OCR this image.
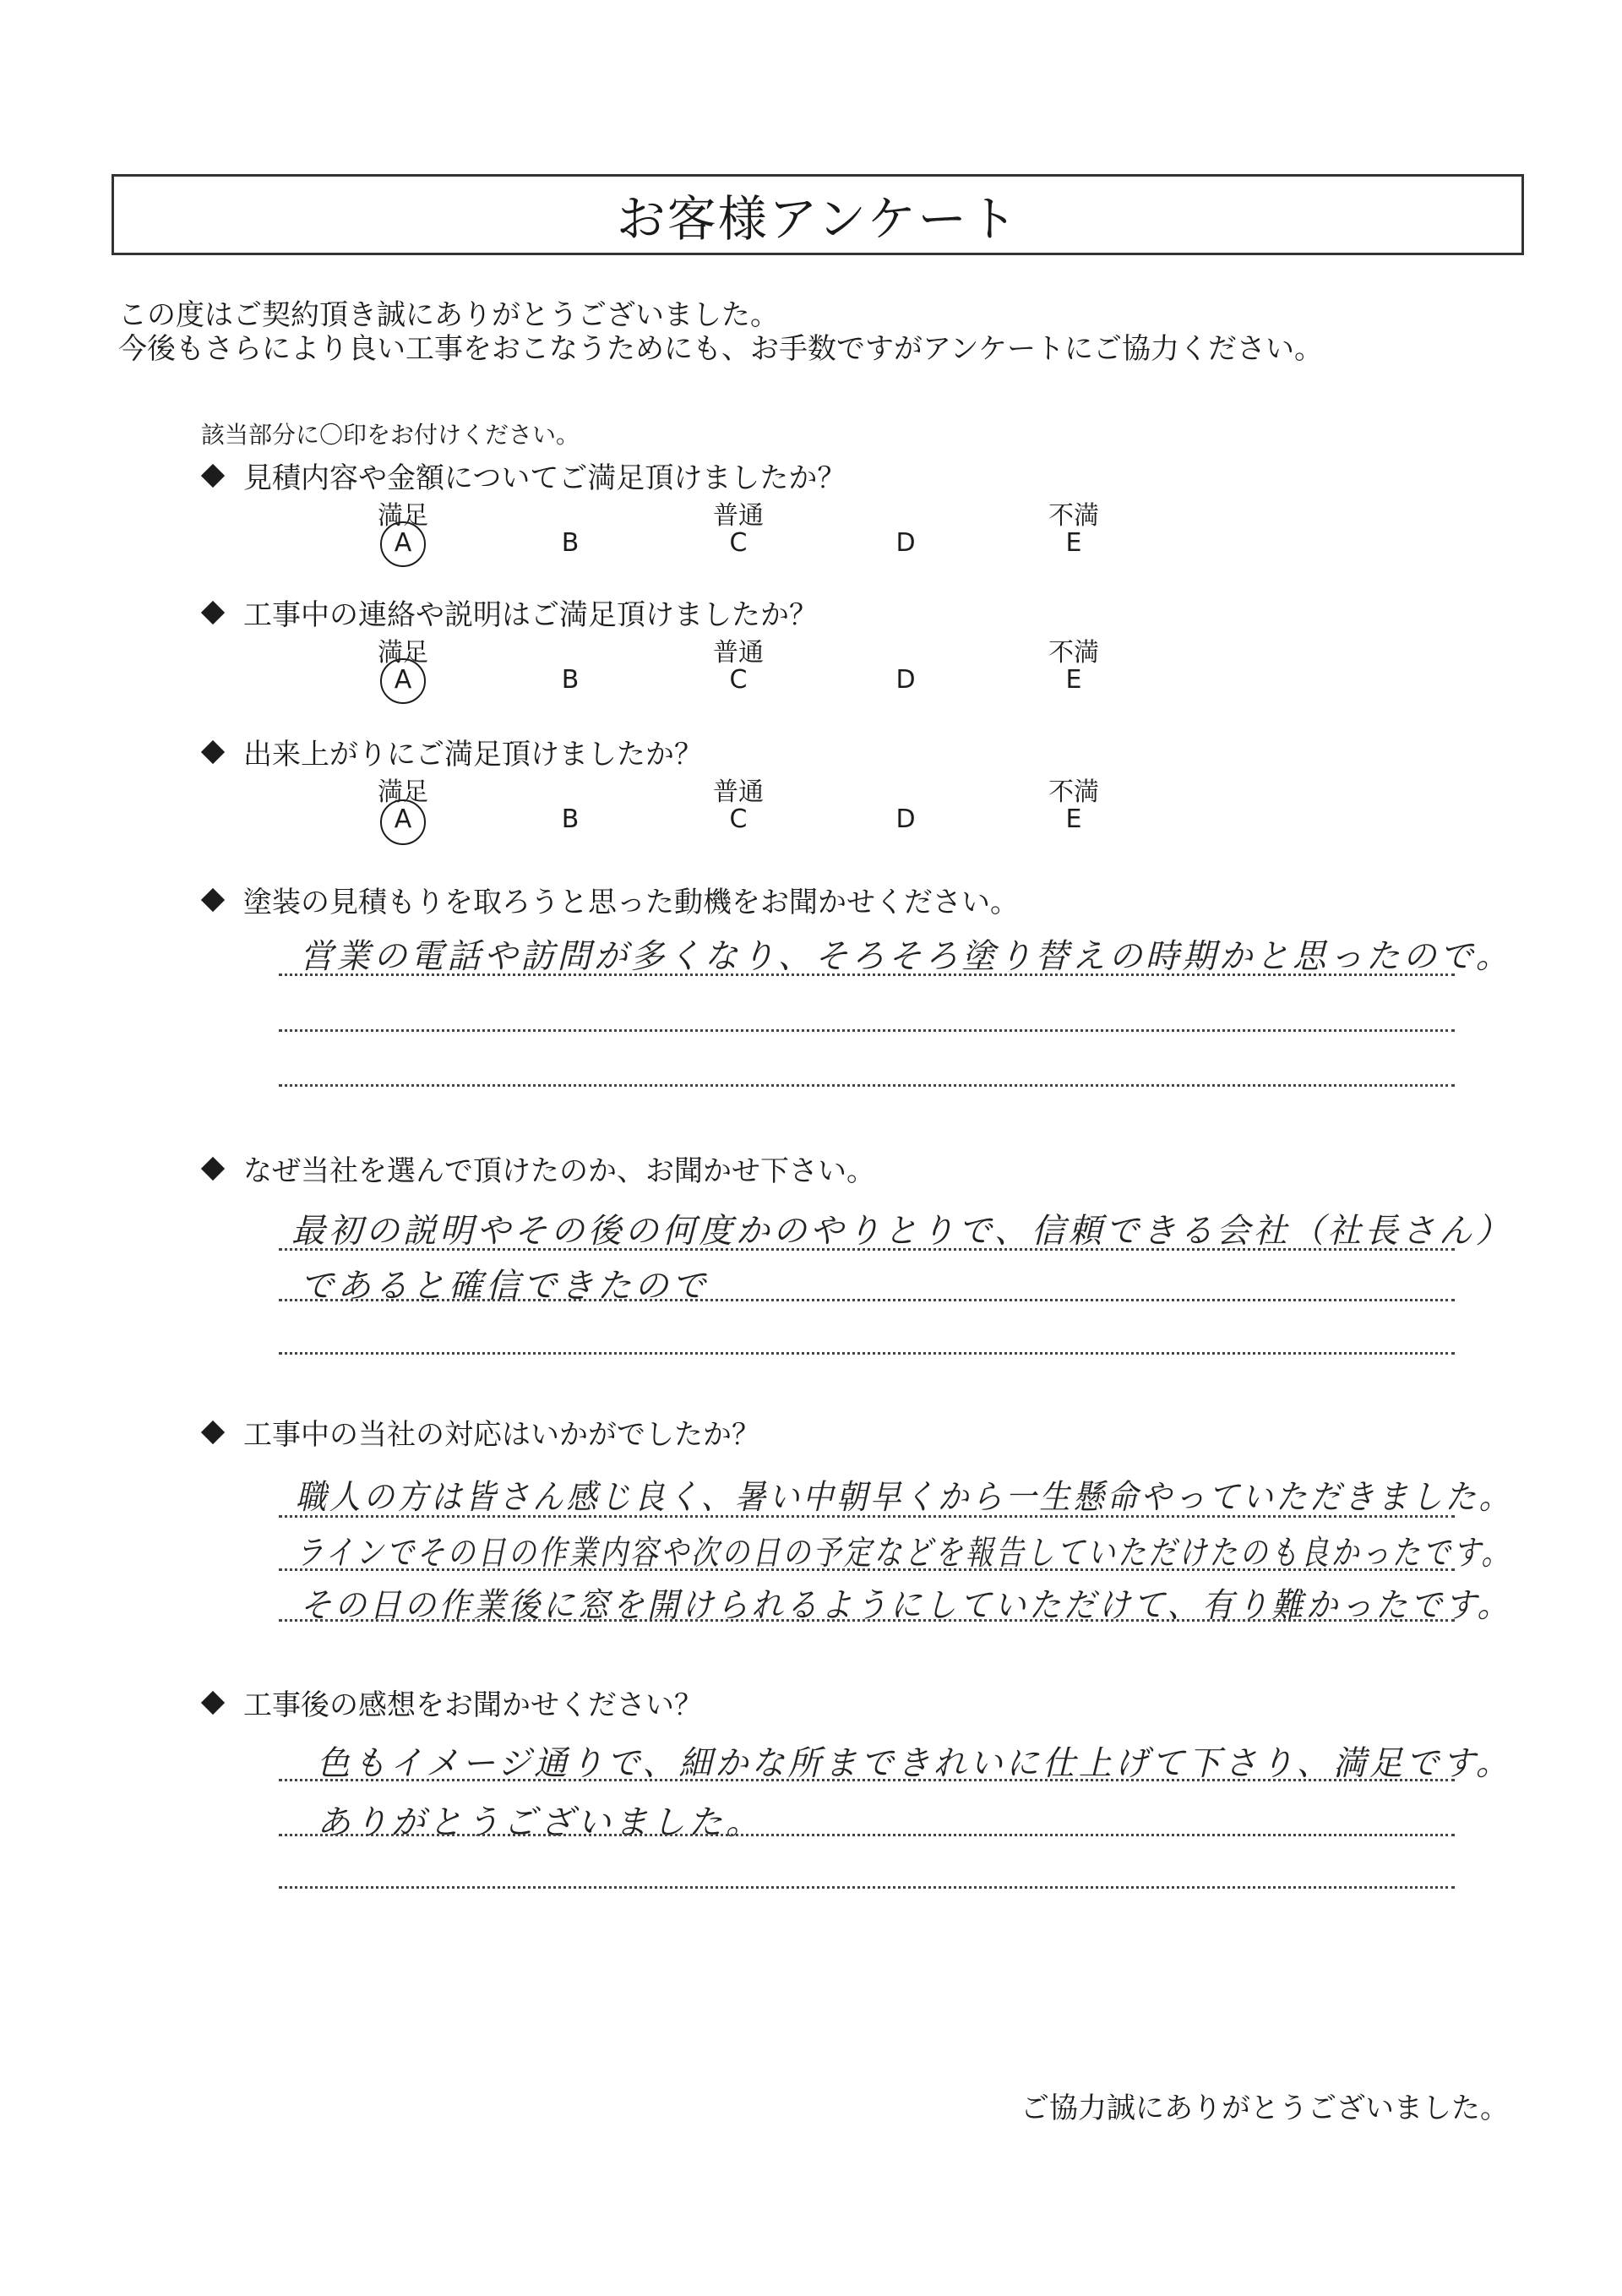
お客様アンケート
この度はご契約頂き誠にありがとうございました。
今後もさらにより良い工事をおこなうためにも、お手数ですがアンケートにご協力ください。
該当部分に〇印をお付けください。
見積内容や金額についてご満足頂けましたか？
満足	普通	不満
A	B	C	D	E
工事中の連絡や説明はご満足頂けましたか？
満足	普通	不満
A	B	C	D	E
出来上がりにご満足頂けましたか？
満足	普通	不満
A	B	C	D	E
塗装の見積もりを取ろうと思った動機をお聞かせください。
営業の電話や訪問が多くなり、そろそろ塗り替えの時期かと思ったので。
なぜ当社を選んで頂けたのか、お聞かせ下さい。
最初の説明やその後の何度かのやりとりで、信頼できる会社（社長さん）
であると確信できたので
工事中の当社の対応はいかがでしたか？
職人の方は皆さん感じ良く、暑い中朝早くから一生懸命やっていただきました。
ラインでその日の作業内容や次の日の予定などを報告していただけたのも良かったです。
その日の作業後に窓を開けられるようにしていただけて、有り難かったです。
工事後の感想をお聞かせください？
色もイメージ通りで、細かな所まできれいに仕上げて下さり、満足です。
ありがとうございました。
ご協力誠にありがとうございました。
